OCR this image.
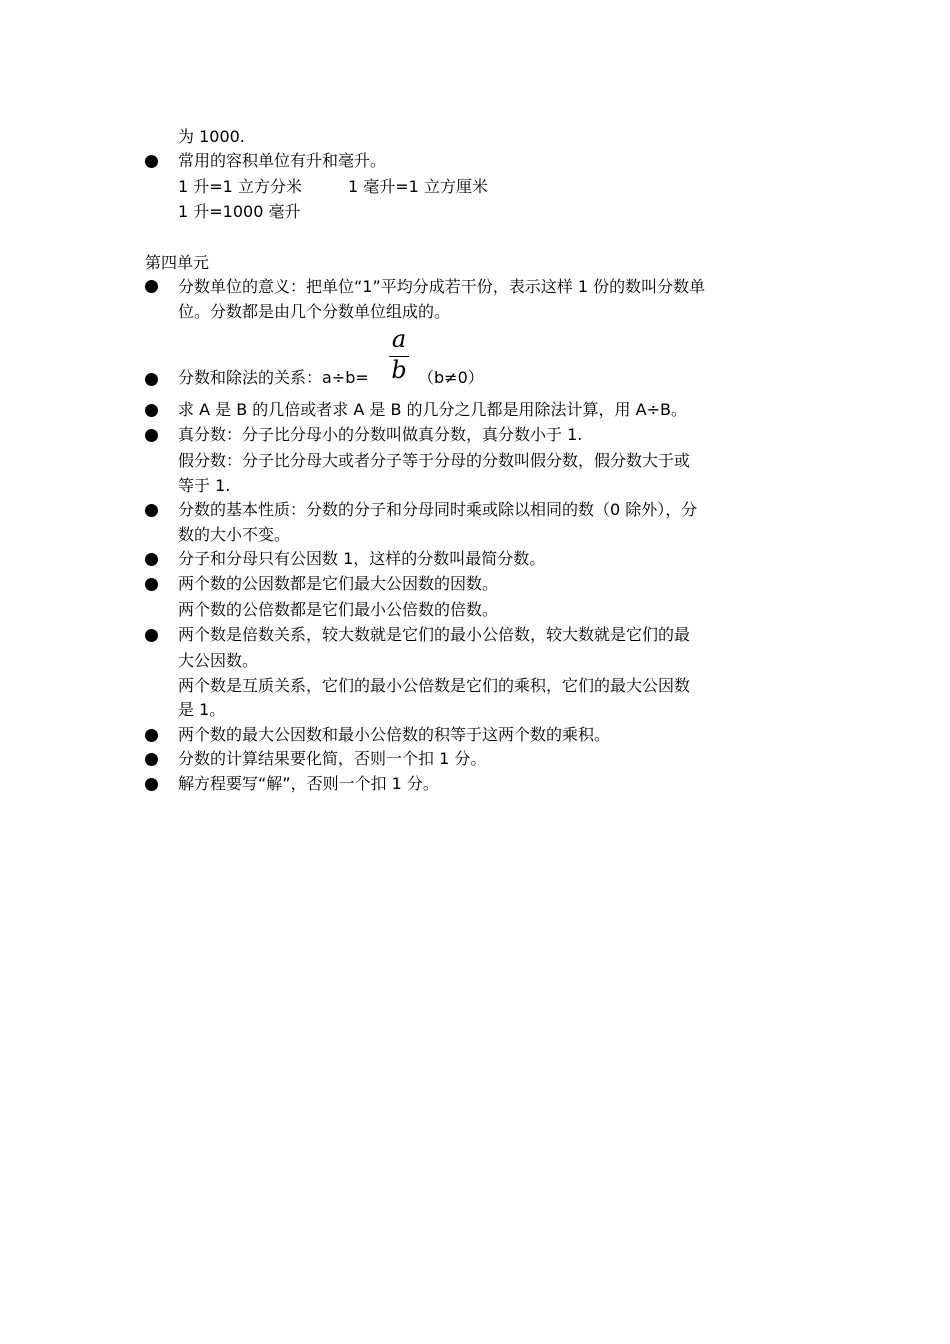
为 1000.
常用的容积单位有升和毫升。
1 升=1 立方分米	1 毫升=1 立方厘米
1 升=1000 毫升
第四单元
分数单位的意义：把单位“1”平均分成若干份，表示这样 1 份的数叫分数单
位。分数都是由几个分数单位组成的。
分数和除法的关系：a÷b=
a
b （b≠0）
求 A 是 B 的几倍或者求 A 是 B 的几分之几都是用除法计算，用 A÷B。
真分数：分子比分母小的分数叫做真分数，真分数小于 1.
假分数：分子比分母大或者分子等于分母的分数叫假分数，假分数大于或
等于 1.
分数的基本性质：分数的分子和分母同时乘或除以相同的数（0 除外），分
数的大小不变。
分子和分母只有公因数 1，这样的分数叫最简分数。
两个数的公因数都是它们最大公因数的因数。
两个数的公倍数都是它们最小公倍数的倍数。
两个数是倍数关系，较大数就是它们的最小公倍数，较大数就是它们的最
大公因数。
两个数是互质关系，它们的最小公倍数是它们的乘积，它们的最大公因数
是 1。
两个数的最大公因数和最小公倍数的积等于这两个数的乘积。
分数的计算结果要化简，否则一个扣 1 分。
解方程要写“解”，否则一个扣 1 分。
